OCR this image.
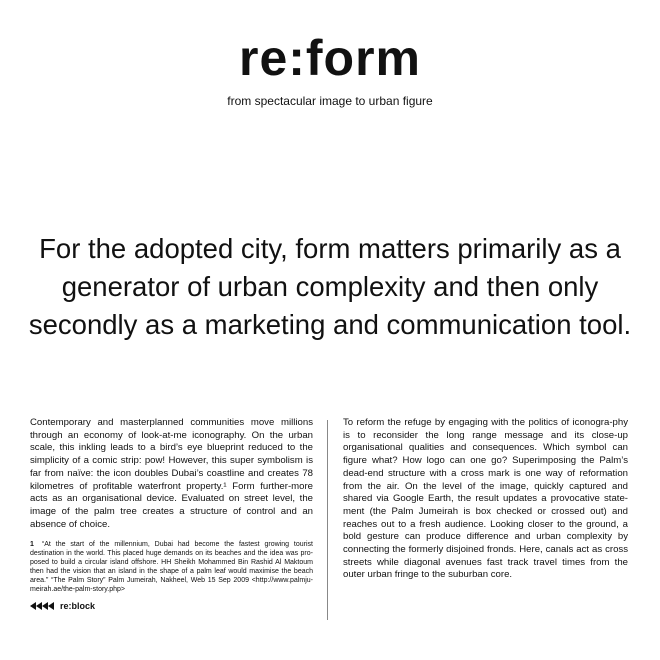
re:form
from spectacular image to urban figure
For the adopted city, form matters primarily as a generator of urban complexity and then only secondly as a marketing and communication tool.
Contemporary and masterplanned communities move millions through an economy of look-at-me iconography. On the urban scale, this inkling leads to a bird’s eye blueprint reduced to the simplicity of a comic strip: pow! However, this super symbolism is far from naïve: the icon doubles Dubai’s coastline and creates 78 kilometres of profitable waterfront property.¹ Form further-more acts as an organisational device. Evaluated on street level, the image of the palm tree creates a structure of control and an absence of choice.
To reform the refuge by engaging with the politics of iconogra-phy is to reconsider the long range message and its close-up organisational qualities and consequences. Which symbol can figure what? How logo can one go? Superimposing the Palm’s dead-end structure with a cross mark is one way of reformation from the air. On the level of the image, quickly captured and shared via Google Earth, the result updates a provocative state-ment (the Palm Jumeirah is box checked or crossed out) and reaches out to a fresh audience. Looking closer to the ground, a bold gesture can produce difference and urban complexity by connecting the formerly disjoined fronds. Here, canals act as cross streets while diagonal avenues fast track travel times from the outer urban fringe to the suburban core.
1 “At the start of the millennium, Dubai had become the fastest growing tourist destination in the world. This placed huge demands on its beaches and the idea was pro-posed to build a circular island offshore. HH Sheikh Mohammed Bin Rashid Al Maktoum then had the vision that an island in the shape of a palm leaf would maximise the beach area.” “The Palm Story” Palm Jumeirah, Nakheel, Web 15 Sep 2009 <http://www.palmju-meirah.ae/the-palm-story.php>
re:block
